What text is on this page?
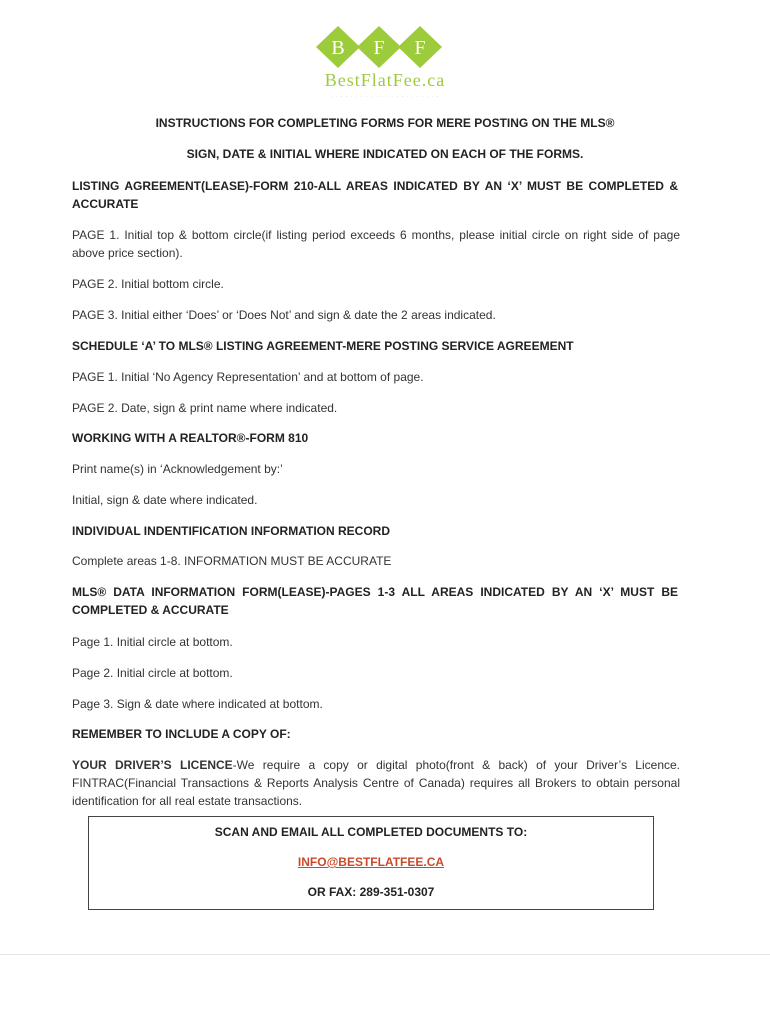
B F F
BestFlatFee.ca
· · · · · · · · · · · · · · · · · · · · · ·
INSTRUCTIONS FOR COMPLETING FORMS FOR MERE POSTING ON THE MLS®
SIGN, DATE & INITIAL WHERE INDICATED ON EACH OF THE FORMS.
LISTING AGREEMENT(LEASE)-FORM 210-ALL AREAS INDICATED BY AN ‘X’ MUST BE COMPLETED & ACCURATE
PAGE 1. Initial top & bottom circle(if listing period exceeds 6 months, please initial circle on right side of page above price section).
PAGE 2. Initial bottom circle.
PAGE 3. Initial either ‘Does’ or ‘Does Not’ and sign & date the 2 areas indicated.
SCHEDULE ‘A’ TO MLS® LISTING AGREEMENT-MERE POSTING SERVICE AGREEMENT
PAGE 1. Initial ‘No Agency Representation’ and at bottom of page.
PAGE 2. Date, sign & print name where indicated.
WORKING WITH A REALTOR®-FORM 810
Print name(s) in ‘Acknowledgement by:’
Initial, sign & date where indicated.
INDIVIDUAL INDENTIFICATION INFORMATION RECORD
Complete areas 1-8. INFORMATION MUST BE ACCURATE
MLS® DATA INFORMATION FORM(LEASE)-PAGES 1-3 ALL AREAS INDICATED BY AN ‘X’ MUST BE COMPLETED & ACCURATE
Page 1. Initial circle at bottom.
Page 2. Initial circle at bottom.
Page 3. Sign & date where indicated at bottom.
REMEMBER TO INCLUDE A COPY OF:
YOUR DRIVER’S LICENCE-We require a copy or digital photo(front & back) of your Driver’s Licence. FINTRAC(Financial Transactions & Reports Analysis Centre of Canada) requires all Brokers to obtain personal identification for all real estate transactions.
SCAN AND EMAIL ALL COMPLETED DOCUMENTS TO:
INFO@BESTFLATFEE.CA
OR FAX: 289-351-0307
